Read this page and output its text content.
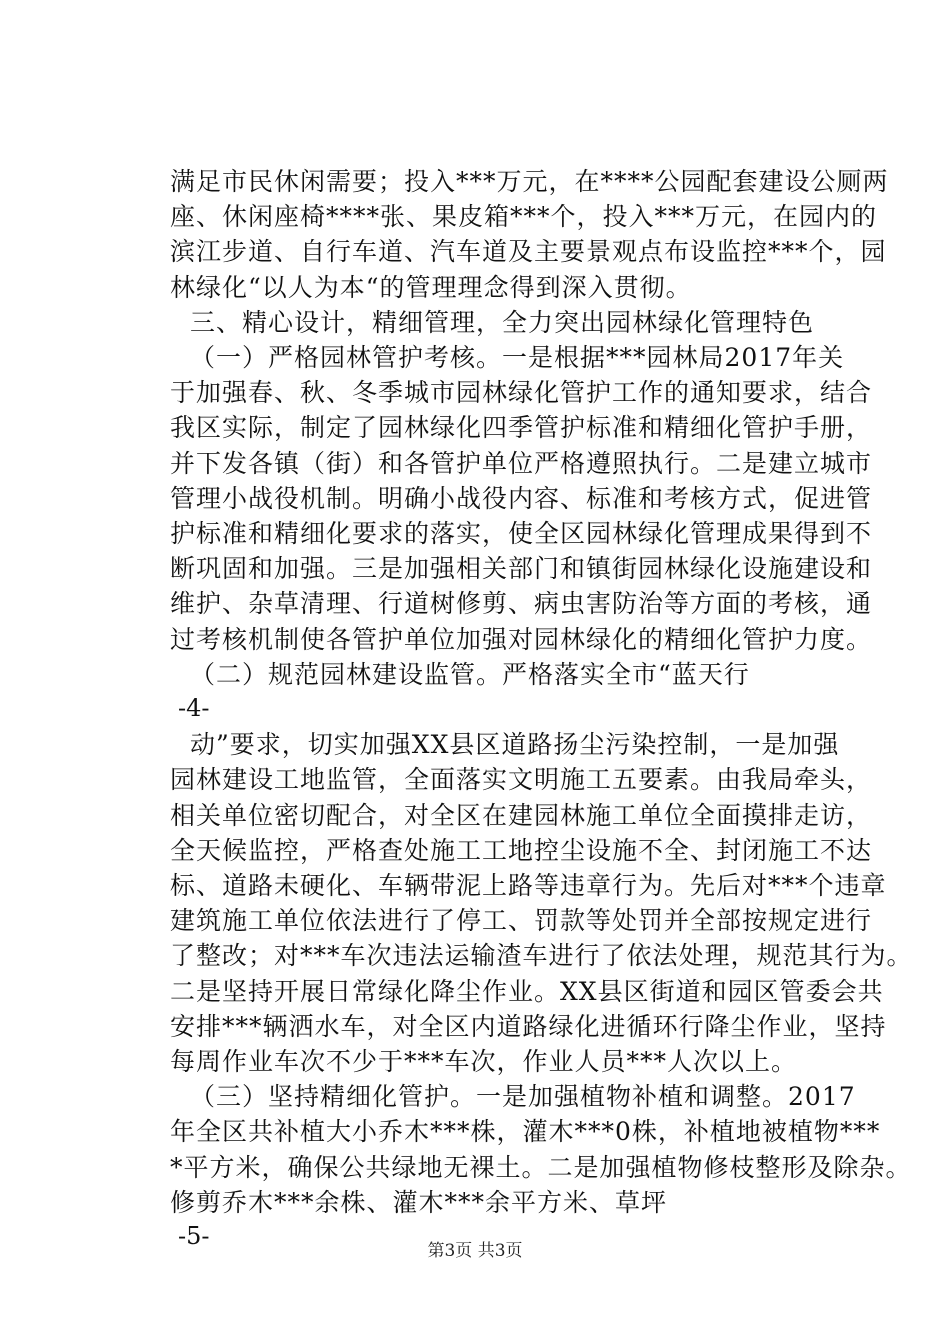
满足市民休闲需要；投入***万元，在****公园配套建设公厕两
座、休闲座椅****张、果皮箱***个，投入***万元，在园内的
滨江步道、自行车道、汽车道及主要景观点布设监控***个，园
林绿化“以人为本“的管理理念得到深入贯彻。
三、精心设计，精细管理，全力突出园林绿化管理特色
（一）严格园林管护考核。一是根据***园林局2017年关
于加强春、秋、冬季城市园林绿化管护工作的通知要求，结合
我区实际，制定了园林绿化四季管护标准和精细化管护手册，
并下发各镇（街）和各管护单位严格遵照执行。二是建立城市
管理小战役机制。明确小战役内容、标准和考核方式，促进管
护标准和精细化要求的落实，使全区园林绿化管理成果得到不
断巩固和加强。三是加强相关部门和镇街园林绿化设施建设和
维护、杂草清理、行道树修剪、病虫害防治等方面的考核，通
过考核机制使各管护单位加强对园林绿化的精细化管护力度。
（二）规范园林建设监管。严格落实全市“蓝天行
-4-
动”要求，切实加强XX县区道路扬尘污染控制，一是加强
园林建设工地监管，全面落实文明施工五要素。由我局牵头，
相关单位密切配合，对全区在建园林施工单位全面摸排走访，
全天候监控，严格查处施工工地控尘设施不全、封闭施工不达
标、道路未硬化、车辆带泥上路等违章行为。先后对***个违章
建筑施工单位依法进行了停工、罚款等处罚并全部按规定进行
了整改；对***车次违法运输渣车进行了依法处理，规范其行为。
二是坚持开展日常绿化降尘作业。XX县区街道和园区管委会共
安排***辆洒水车，对全区内道路绿化进循环行降尘作业，坚持
每周作业车次不少于***车次，作业人员***人次以上。
（三）坚持精细化管护。一是加强植物补植和调整。2017
年全区共补植大小乔木***株，灌木***0株，补植地被植物***
*平方米，确保公共绿地无裸土。二是加强植物修枝整形及除杂。
修剪乔木***余株、灌木***余平方米、草坪
-5-
第3页 共3页
